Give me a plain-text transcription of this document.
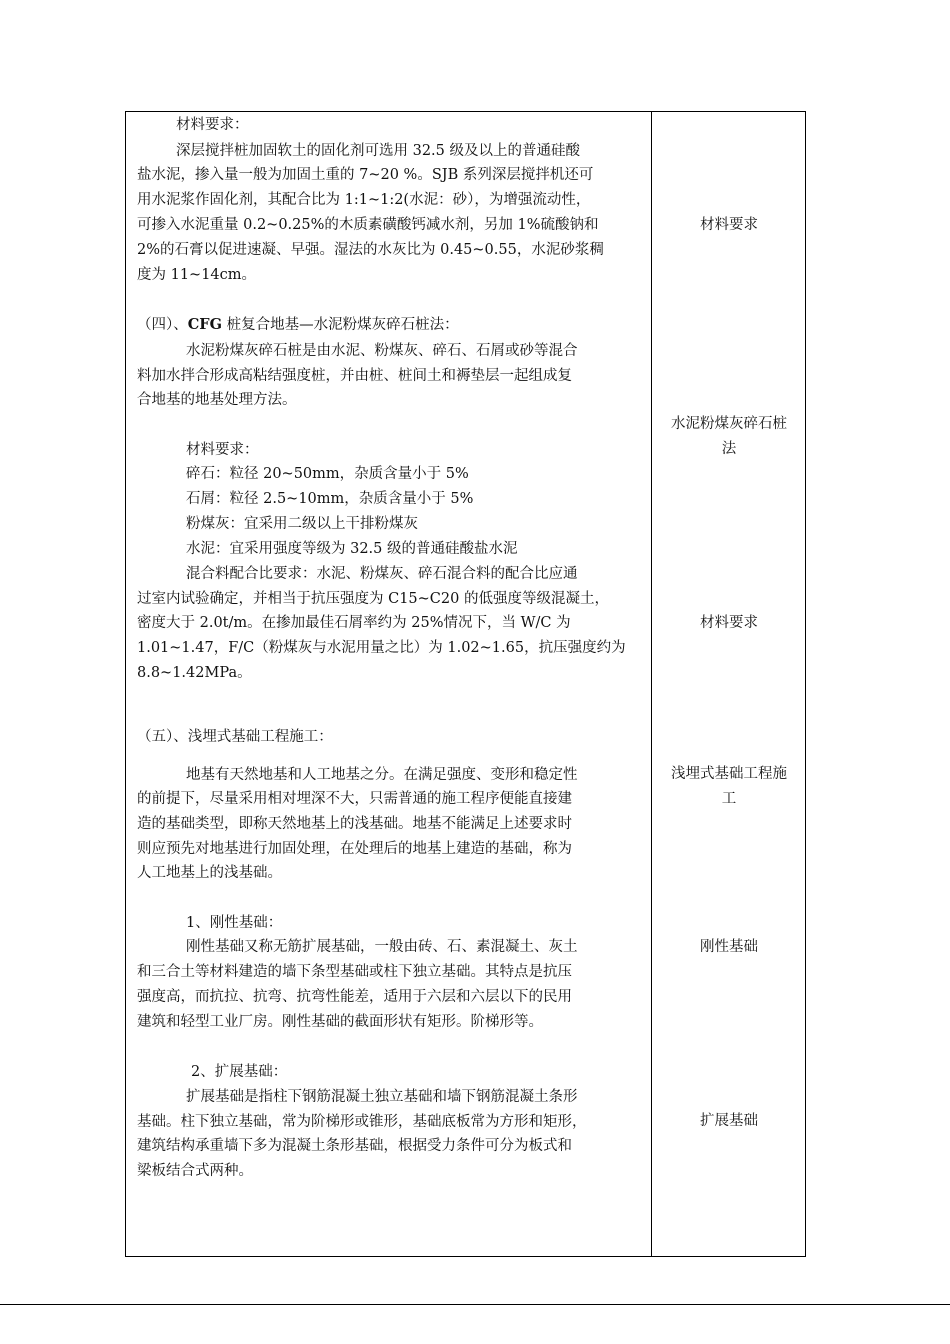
材料要求：
深层搅拌桩加固软土的固化剂可选用 32.5 级及以上的普通硅酸
盐水泥，掺入量一般为加固土重的 7~20 %。SJB 系列深层搅拌机还可
用水泥浆作固化剂，其配合比为 1:1~1:2(水泥：砂），为增强流动性，
可掺入水泥重量 0.2~0.25%的木质素磺酸钙减水剂，另加 1%硫酸钠和
2%的石膏以促进速凝、早强。湿法的水灰比为 0.45~0.55，水泥砂浆稠
度为 11~14cm。
（四）、CFG 桩复合地基—水泥粉煤灰碎石桩法：
水泥粉煤灰碎石桩是由水泥、粉煤灰、碎石、石屑或砂等混合
料加水拌合形成高粘结强度桩，并由桩、桩间土和褥垫层一起组成复
合地基的地基处理方法。
材料要求：
碎石：粒径 20~50mm，杂质含量小于 5%
石屑：粒径 2.5~10mm，杂质含量小于 5%
粉煤灰：宜采用二级以上干排粉煤灰
水泥：宜采用强度等级为 32.5 级的普通硅酸盐水泥
混合料配合比要求：水泥、粉煤灰、碎石混合料的配合比应通
过室内试验确定，并相当于抗压强度为 C15~C20 的低强度等级混凝土，
密度大于 2.0t/m。在掺加最佳石屑率约为 25%情况下，当 W/C 为
1.01~1.47，F/C（粉煤灰与水泥用量之比）为 1.02~1.65，抗压强度约为
8.8~1.42MPa。
（五）、浅埋式基础工程施工：
地基有天然地基和人工地基之分。在满足强度、变形和稳定性
的前提下，尽量采用相对埋深不大，只需普通的施工程序便能直接建
造的基础类型，即称天然地基上的浅基础。地基不能满足上述要求时
则应预先对地基进行加固处理，在处理后的地基上建造的基础，称为
人工地基上的浅基础。
1、刚性基础：
刚性基础又称无筋扩展基础，一般由砖、石、素混凝土、灰土
和三合土等材料建造的墙下条型基础或柱下独立基础。其特点是抗压
强度高，而抗拉、抗弯、抗弯性能差，适用于六层和六层以下的民用
建筑和轻型工业厂房。刚性基础的截面形状有矩形。阶梯形等。
2、扩展基础：
扩展基础是指柱下钢筋混凝土独立基础和墙下钢筋混凝土条形
基础。柱下独立基础，常为阶梯形或锥形，基础底板常为方形和矩形，
建筑结构承重墙下多为混凝土条形基础，根据受力条件可分为板式和
梁板结合式两种。
材料要求
水泥粉煤灰碎石桩
法
材料要求
浅埋式基础工程施
工
刚性基础
扩展基础
